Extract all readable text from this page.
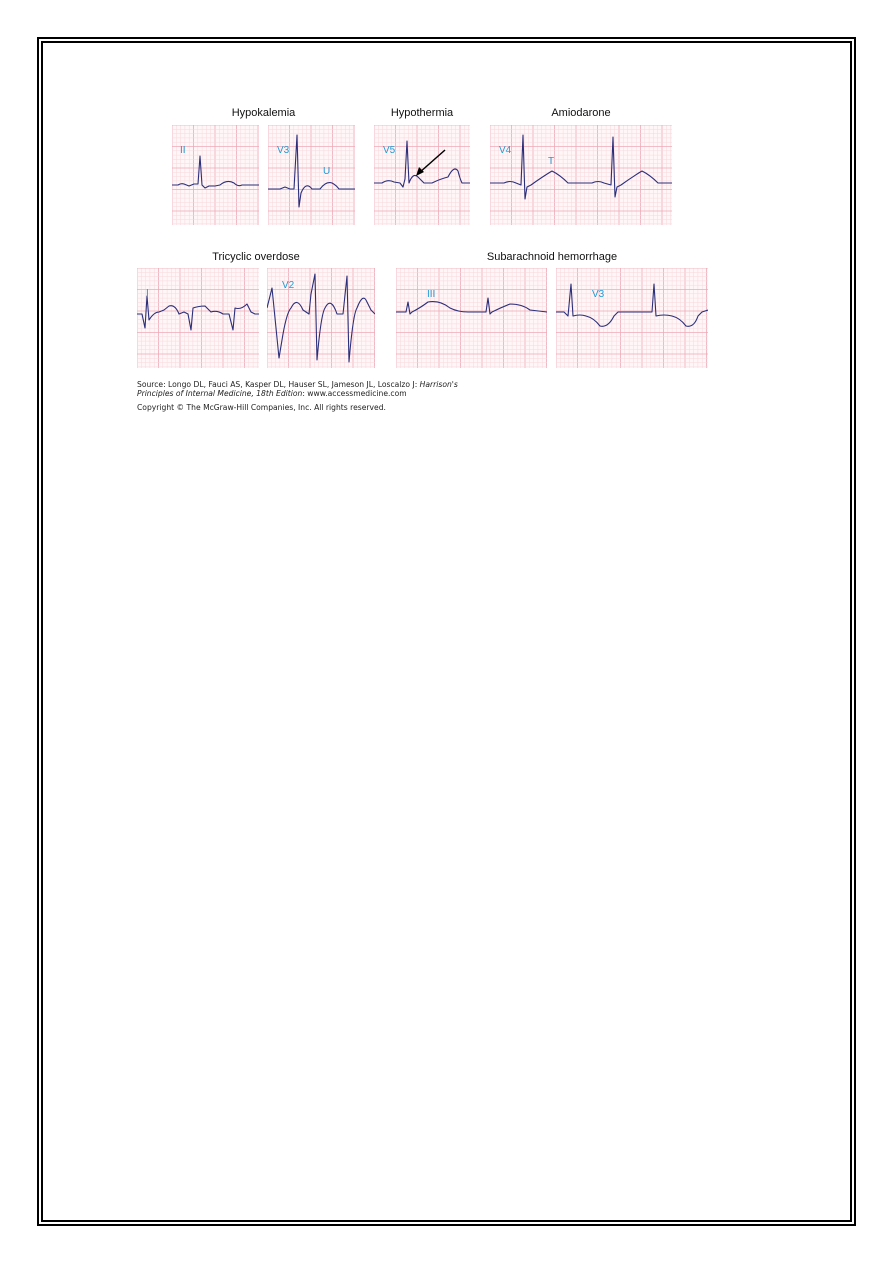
Hypokalemia	Hypothermia	Amiodarone
Tricyclic overdose	Subarachnoid hemorrhage
II	V3
U
V5	V4
T
I
V2
III	V3
Source: Longo DL, Fauci AS, Kasper DL, Hauser SL, Jameson JL, Loscalzo J: Harrison's
Principles of Internal Medicine, 18th Edition: www.accessmedicine.com
Copyright © The McGraw-Hill Companies, Inc. All rights reserved.
